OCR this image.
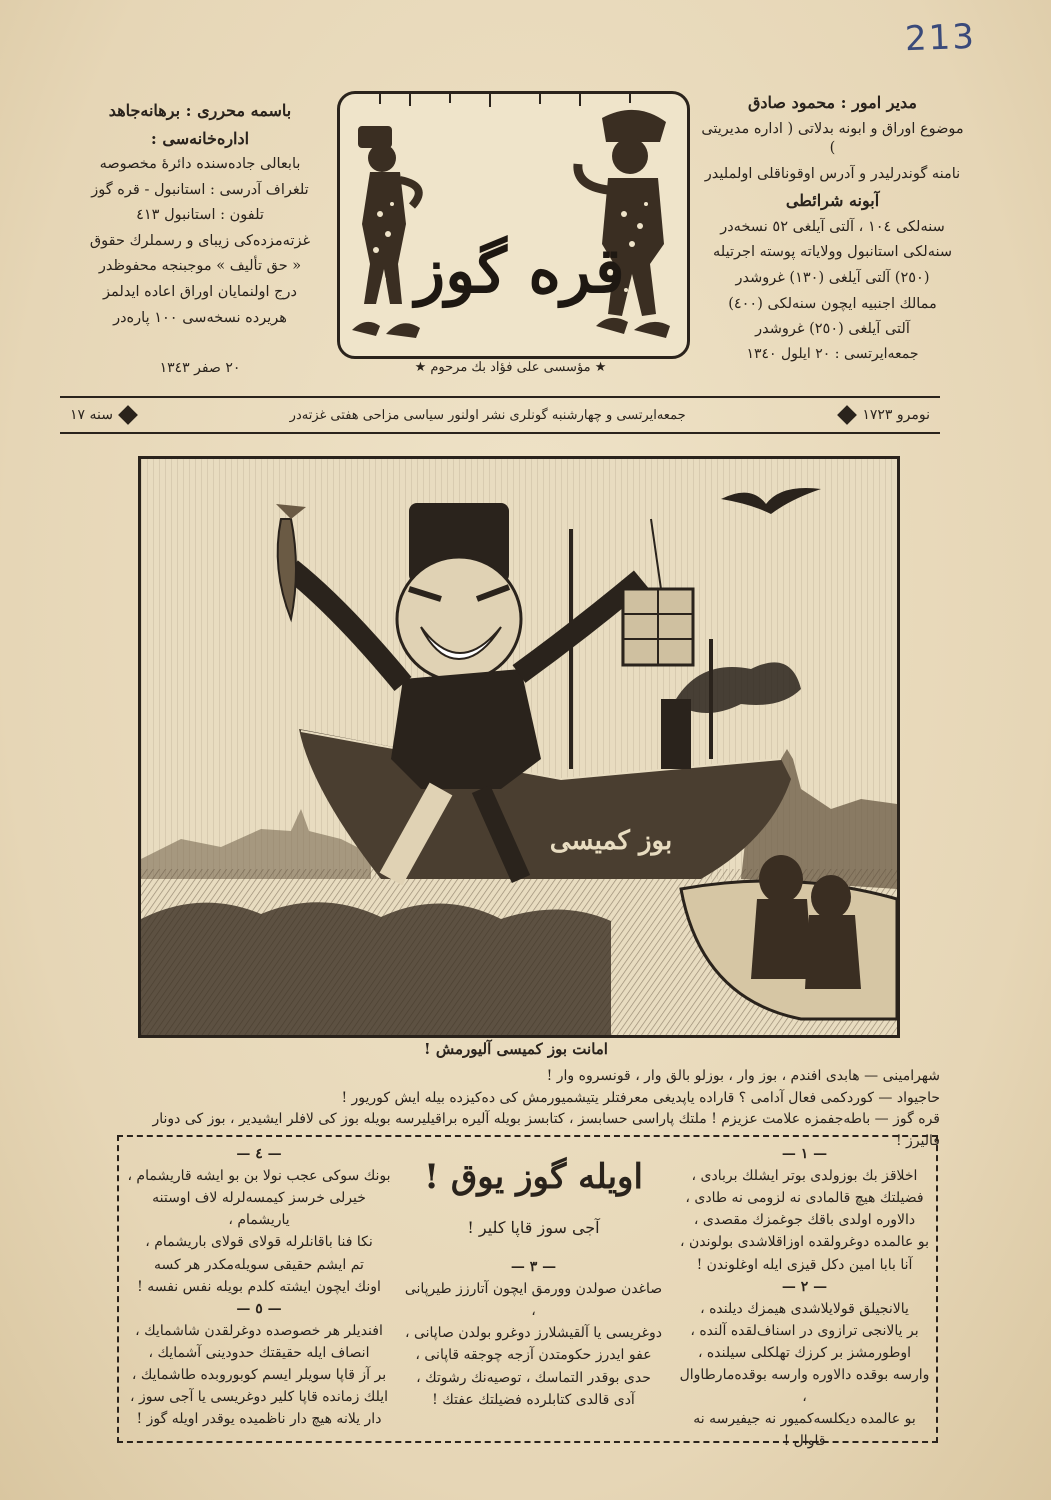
213

باسمه محرری : برهانه‌جاهد

اداره‌خانه‌سی :

بابعالی جاده‌سنده دائرۀ مخصوصه

تلغراف آدرسی : استانبول - قره گوز

تلفون : استانبول ٤١٣

غزته‌مزده‌کی زیبای و رسملرك حقوق

« حق تألیف » موجبنجه محفوظدر

درج اولنمایان اوراق اعاده ایدلمز

هریرده نسخه‌سی ١٠٠ پاره‌در

٢٠ صفر ١٣٤٣
قره گوز
★ مؤسسی علی فؤاد بك مرحوم ★

مدیر امور : محمود صادق

موضوع اوراق و ابونه بدلاتی ( اداره مدیریتی )

نامنه گوندرلیدر و آدرس اوقوناقلی اولملیدر

آبونه شرائطی

سنه‌لکی ١٠٤ ، آلتی آیلغی ٥٢ نسخه‌در

سنه‌لکی استانبول وولایاته پوسته اجرتیله

(٢٥٠) آلتی آیلغی (١٣٠) غروشدر

ممالك اجنبیه ایچون سنه‌لکی (٤٠٠)

آلتی آیلغی (٢٥٠) غروشدر

جمعه‌ایرتسی : ٢٠ ایلول ١٣٤٠
نومرو ١٧٢٣
جمعه‌ایرتسی و چهارشنبه گونلری نشر اولنور سیاسی مزاحی هفتی غزته‌در
سنه ١٧
بوز کمیسی
امانت بوز کمیسی آلیورمش !

شهرامینی — هابدی افندم ، بوز وار ، بوزلو بالق وار ، قونسروه وار !

حاجیواد — کوردکمی فعال آدامی ؟ قاراده یاپدیغی معرفتلر یتیشمیورمش کی ده‌کیزده بیله ایش کوریور !

قره گوز — باطه‌جفمزه علامت عزیزم ! ملتك پاراسی حسابسز ، کتابسز بویله آلیره براقیلیرسه بویله بوز کی لافلر ایشیدیر ، بوز کی دونار قالیرز !

— ١ —

اخلاقز بك بوزولدی بوتر ایشلك بربادی ،

فضیلتك هیچ قالمادی نه لزومی نه طادی ،

دالاوره اولدی باقك جوغمزك مقصدی ،

بو عالمده دوغرولقده اوزاقلاشدی بولوندن ،

آنا بابا امین دکل قیزی ایله اوغلوندن !

— ٢ —

یالانجیلق قولایلاشدی هیمزك دیلنده ،

بر یالانجی ترازوی در اسناف‌لقده آلنده ،

اوطورمشز بر کرزك تهلکلی سیلنده ،

وارسه بوقده دالاوره وارسه بوقده‌مارطاوال ،

بو عالمده دیکلسه‌کمیور نه جیفیرسه نه قاوال !

اویله گوز یوق !

آجی سوز قاپا کلیر !

— ٣ —

صاغدن صولدن وورمق ایچون آتارزز طیرپانی ،

دوغریسی یا آلقیشلارز دوغرو بولدن صاپانی ،

عفو ایدرز حکومتدن آزجه چوجقه قاپانی ،

حدی بوقدر التماسك ، توصیه‌نك رشوتك ،

آدی قالدی کتابلرده فضیلتك عفتك !

— ٤ —

بونك سوکی عجب نولا بن بو ایشه قاریشمام ،

خیرلی خرسز کیمسه‌لرله لاف اوستنه یاریشمام ،

نکا فنا باقانلرله قولای قولای باریشمام ،

تم ایشم حقیقی سویله‌مکدر هر کسه

اونك ایچون ایشته کلدم بویله نفس نفسه !

— ٥ —

افندیلر هر خصوصده دوغرلقدن شاشمایك ،

انصاف ایله حقیقتك حدودینی آشمایك ،

بر آز قاپا سویلر ایسم کوبوروبده طاشمایك ،

ایلك زمانده قاپا کلیر دوغریسی یا آجی سوز ،

دار یلانه هیچ دار ناظمیده یوقدر اویله گوز !
